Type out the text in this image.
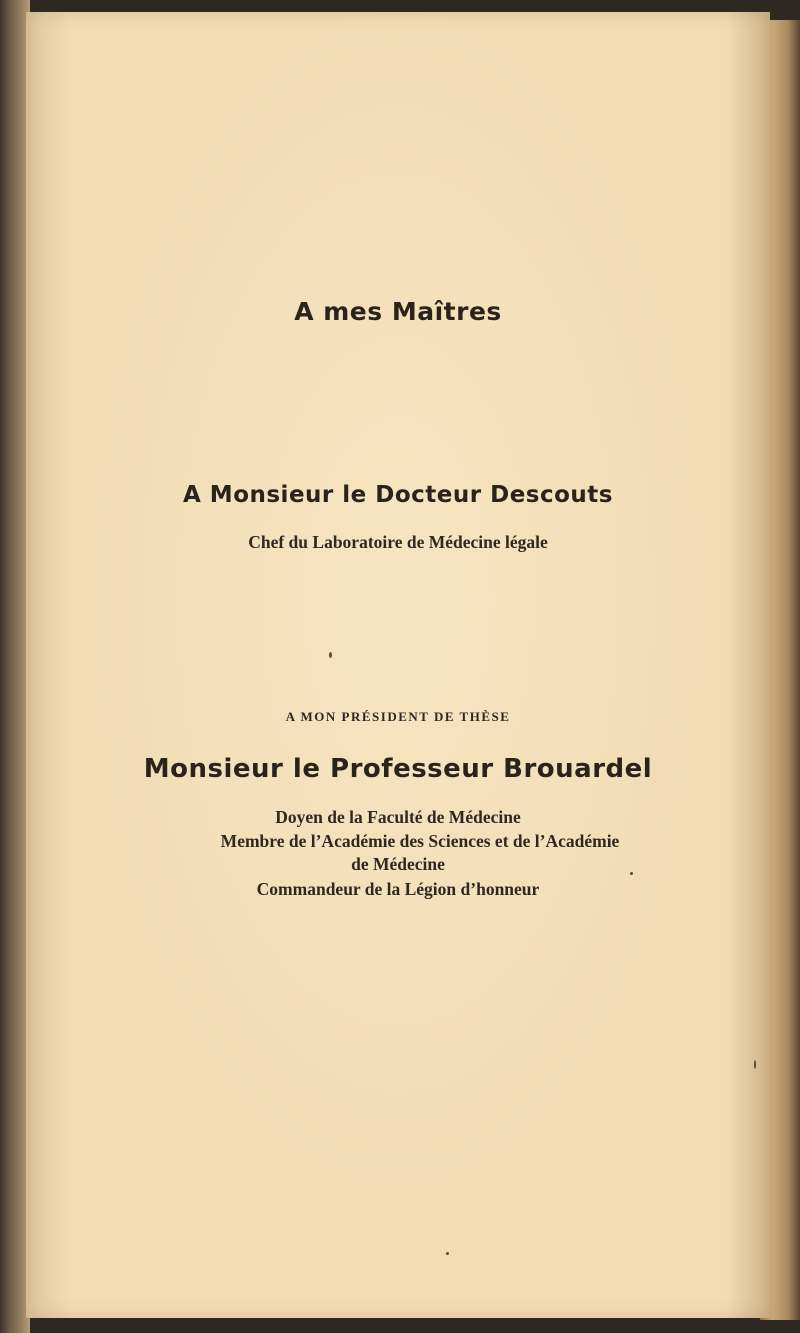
A mes Maîtres
A Monsieur le Docteur Descouts
Chef du Laboratoire de Médecine légale
A MON PRÉSIDENT DE THÈSE
Monsieur le Professeur Brouardel
Doyen de la Faculté de Médecine
Membre de l’Académie des Sciences et de l’Académie
de Médecine
Commandeur de la Légion d’honneur
